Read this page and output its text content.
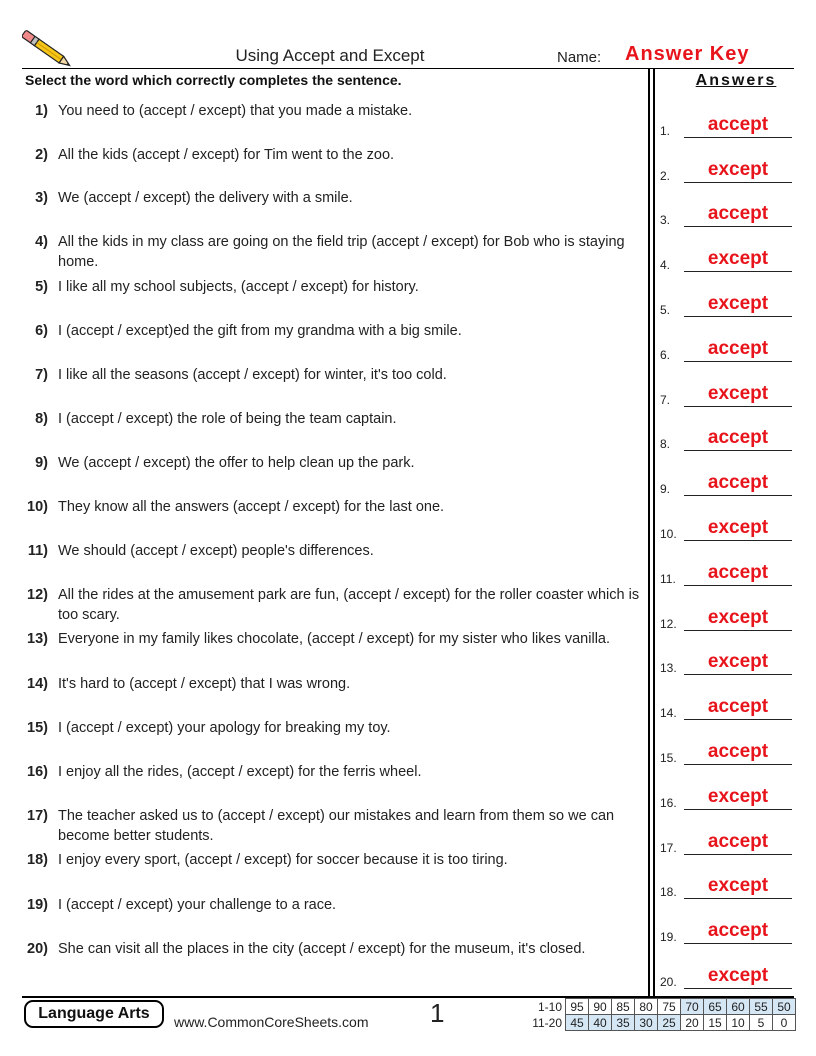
Using Accept and Except	Name: Answer Key
Select the word which correctly completes the sentence.	Answers
1) You need to (accept / except) that you made a mistake.
2) All the kids (accept / except) for Tim went to the zoo.
3) We (accept / except) the delivery with a smile.
4) All the kids in my class are going on the field trip (accept / except) for Bob who is staying home.
5) I like all my school subjects, (accept / except) for history.
6) I (accept / except)ed the gift from my grandma with a big smile.
7) I like all the seasons (accept / except) for winter, it's too cold.
8) I (accept / except) the role of being the team captain.
9) We (accept / except) the offer to help clean up the park.
10) They know all the answers (accept / except) for the last one.
11) We should (accept / except) people's differences.
12) All the rides at the amusement park are fun, (accept / except) for the roller coaster which is too scary.
13) Everyone in my family likes chocolate, (accept / except) for my sister who likes vanilla.
14) It's hard to (accept / except) that I was wrong.
15) I (accept / except) your apology for breaking my toy.
16) I enjoy all the rides, (accept / except) for the ferris wheel.
17) The teacher asked us to (accept / except) our mistakes and learn from them so we can become better students.
18) I enjoy every sport, (accept / except) for soccer because it is too tiring.
19) I (accept / except) your challenge to a race.
20) She can visit all the places in the city (accept / except) for the museum, it's closed.
1.	accept
2.	except
3.	accept
4.	except
5.	except
6.	accept
7.	except
8.	accept
9.	accept
10.	except
11.	accept
12.	except
13.	except
14.	accept
15.	accept
16.	except
17.	accept
18.	except
19.	accept
20.	except
Language Arts	www.CommonCoreSheets.com 1	1-10	95	90	85	80	75	70	65	60	55	50
11-20	45	40	35	30	25	20	15	10	5	0
